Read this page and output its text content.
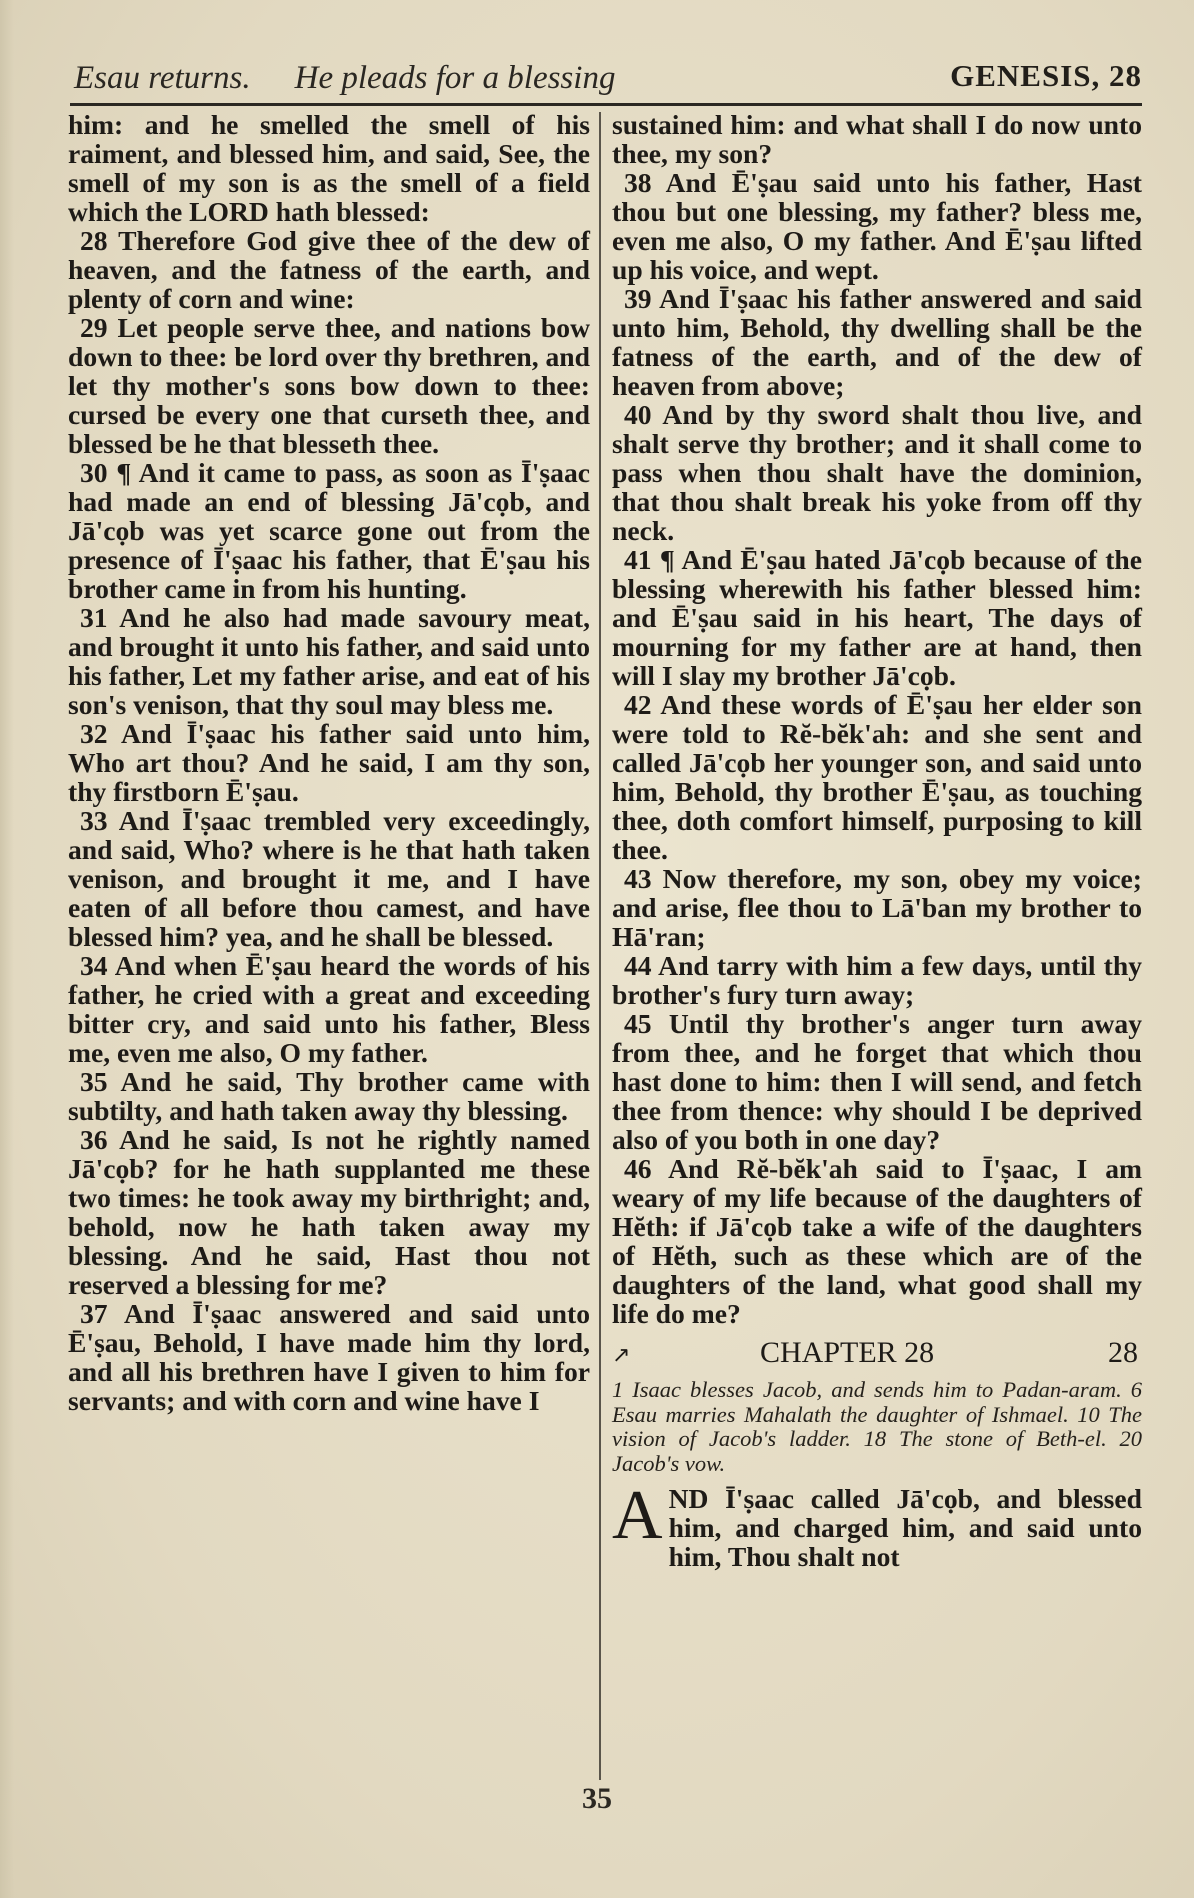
Esau returns. He pleads for a blessing	GENESIS, 28

him: and he smelled the smell of his raiment, and blessed him, and said, See, the smell of my son is as the smell of a field which the LORD hath blessed:

28 Therefore God give thee of the dew of heaven, and the fatness of the earth, and plenty of corn and wine:

29 Let people serve thee, and nations bow down to thee: be lord over thy brethren, and let thy mother's sons bow down to thee: cursed be every one that curseth thee, and blessed be he that blesseth thee.

30 ¶ And it came to pass, as soon as Ī'ṣaac had made an end of blessing Jā'cọb, and Jā'cọb was yet scarce gone out from the presence of Ī'ṣaac his father, that Ē'ṣau his brother came in from his hunting.

31 And he also had made savoury meat, and brought it unto his father, and said unto his father, Let my father arise, and eat of his son's venison, that thy soul may bless me.

32 And Ī'ṣaac his father said unto him, Who art thou? And he said, I am thy son, thy firstborn Ē'ṣau.

33 And Ī'ṣaac trembled very exceedingly, and said, Who? where is he that hath taken venison, and brought it me, and I have eaten of all before thou camest, and have blessed him? yea, and he shall be blessed.

34 And when Ē'ṣau heard the words of his father, he cried with a great and exceeding bitter cry, and said unto his father, Bless me, even me also, O my father.

35 And he said, Thy brother came with subtilty, and hath taken away thy blessing.

36 And he said, Is not he rightly named Jā'cọb? for he hath supplanted me these two times: he took away my birthright; and, behold, now he hath taken away my blessing. And he said, Hast thou not reserved a blessing for me?

37 And Ī'ṣaac answered and said unto Ē'ṣau, Behold, I have made him thy lord, and all his brethren have I given to him for servants; and with corn and wine have I

sustained him: and what shall I do now unto thee, my son?

38 And Ē'ṣau said unto his father, Hast thou but one blessing, my father? bless me, even me also, O my father. And Ē'ṣau lifted up his voice, and wept.

39 And Ī'ṣaac his father answered and said unto him, Behold, thy dwelling shall be the fatness of the earth, and of the dew of heaven from above;

40 And by thy sword shalt thou live, and shalt serve thy brother; and it shall come to pass when thou shalt have the dominion, that thou shalt break his yoke from off thy neck.

41 ¶ And Ē'ṣau hated Jā'cọb because of the blessing wherewith his father blessed him: and Ē'ṣau said in his heart, The days of mourning for my father are at hand, then will I slay my brother Jā'cọb.

42 And these words of Ē'ṣau her elder son were told to Rĕ-bĕk'ah: and she sent and called Jā'cọb her younger son, and said unto him, Behold, thy brother Ē'ṣau, as touching thee, doth comfort himself, purposing to kill thee.

43 Now therefore, my son, obey my voice; and arise, flee thou to Lā'ban my brother to Hā'ran;

44 And tarry with him a few days, until thy brother's fury turn away;

45 Until thy brother's anger turn away from thee, and he forget that which thou hast done to him: then I will send, and fetch thee from thence: why should I be deprived also of you both in one day?

46 And Rĕ-bĕk'ah said to Ī'ṣaac, I am weary of my life because of the daughters of Hĕth: if Jā'cọb take a wife of the daughters of Hĕth, such as these which are of the daughters of the land, what good shall my life do me?

↗	CHAPTER 28	28

1 Isaac blesses Jacob, and sends him to Padan-aram. 6 Esau marries Mahalath the daughter of Ishmael. 10 The vision of Jacob's ladder. 18 The stone of Beth-el. 20 Jacob's vow.

AND Ī'ṣaac called Jā'cọb, and blessed him, and charged him, and said unto him, Thou shalt not

35
